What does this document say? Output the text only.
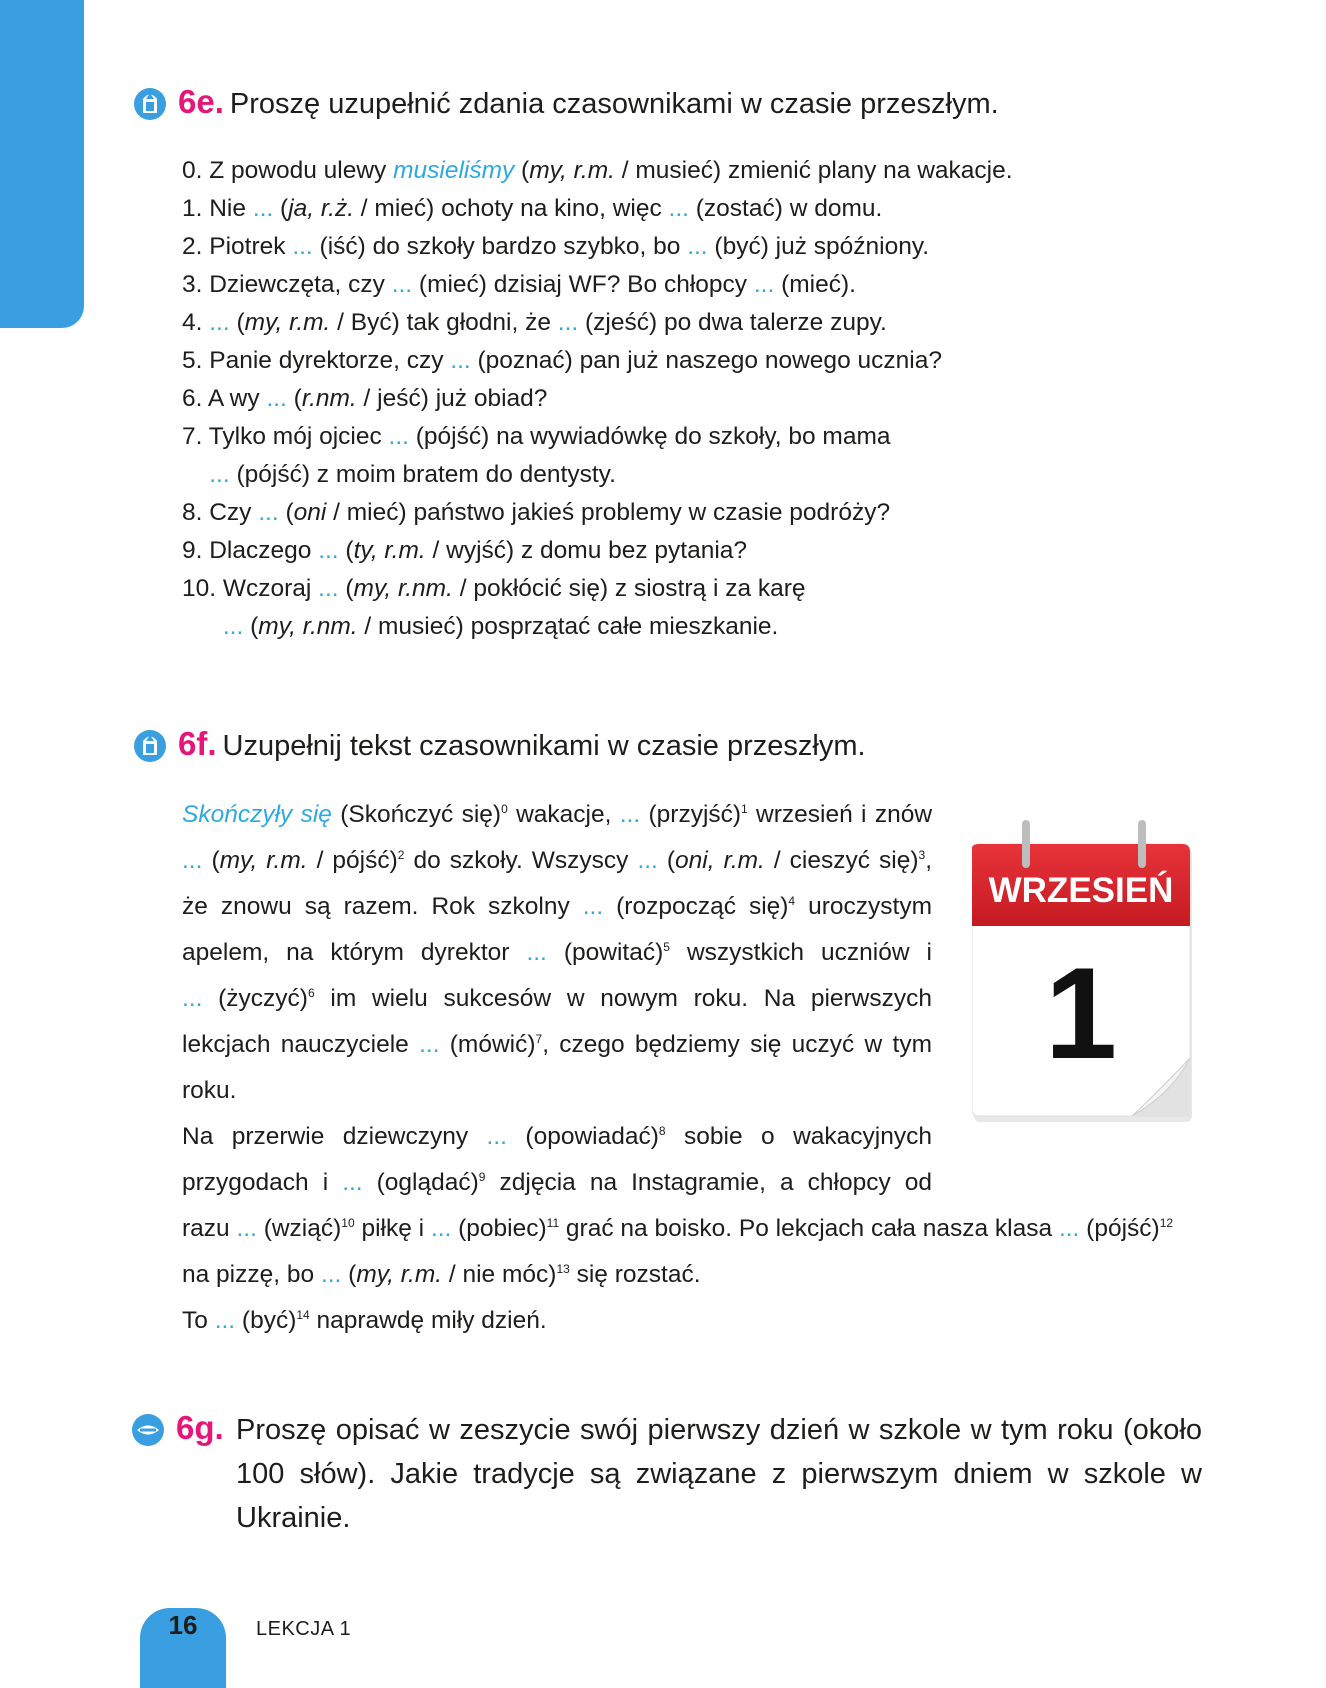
6e. Proszę uzupełnić zdania czasownikami w czasie przeszłym.
0. Z powodu ulewy musieliśmy (my, r.m. / musieć) zmienić plany na wakacje.
1. Nie ... (ja, r.ż. / mieć) ochoty na kino, więc ... (zostać) w domu.
2. Piotrek ... (iść) do szkoły bardzo szybko, bo ... (być) już spóźniony.
3. Dziewczęta, czy ... (mieć) dzisiaj WF? Bo chłopcy ... (mieć).
4. ... (my, r.m. / Być) tak głodni, że ... (zjeść) po dwa talerze zupy.
5. Panie dyrektorze, czy ... (poznać) pan już naszego nowego ucznia?
6. A wy ... (r.nm. / jeść) już obiad?
7. Tylko mój ojciec ... (pójść) na wywiadówkę do szkoły, bo mama
... (pójść) z moim bratem do dentysty.
8. Czy ... (oni / mieć) państwo jakieś problemy w czasie podróży?
9. Dlaczego ... (ty, r.m. / wyjść) z domu bez pytania?
10. Wczoraj ... (my, r.nm. / pokłócić się) z siostrą i za karę
... (my, r.nm. / musieć) posprzątać całe mieszkanie.
6f. Uzupełnij tekst czasownikami w czasie przeszłym.
Skończyły się (Skończyć się)$^0$ wakacje, ... (przyjść)$^1$ wrzesień i znów
... (my, r.m. / pójść)$^2$ do szkoły. Wszyscy ... (oni, r.m. / cieszyć się)$^3$,
że znowu są razem. Rok szkolny ... (rozpocząć się)$^4$ uroczystym
apelem, na którym dyrektor ... (powitać)$^5$ wszystkich uczniów i
... (życzyć)$^6$ im wielu sukcesów w nowym roku. Na pierwszych
lekcjach nauczyciele ... (mówić)$^7$, czego będziemy się uczyć w tym
roku.
Na przerwie dziewczyny ... (opowiadać)$^8$ sobie o wakacyjnych
przygodach i ... (oglądać)$^9$ zdjęcia na Instagramie, a chłopcy od
razu ... (wziąć)$^{10}$ piłkę i ... (pobiec)$^{11}$ grać na boisko. Po lekcjach cała nasza klasa ... (pójść)$^{12}$
na pizzę, bo ... (my, r.m. / nie móc)$^{13}$ się rozstać.
To ... (być)$^{14}$ naprawdę miły dzień.
WRZESIEŃ
1
6g. Proszę opisać w zeszycie swój pierwszy dzień w szkole w tym roku (około 100 słów). Jakie tradycje są związane z pierwszym dniem w szkole w Ukrainie.
16	LEKCJA 1
